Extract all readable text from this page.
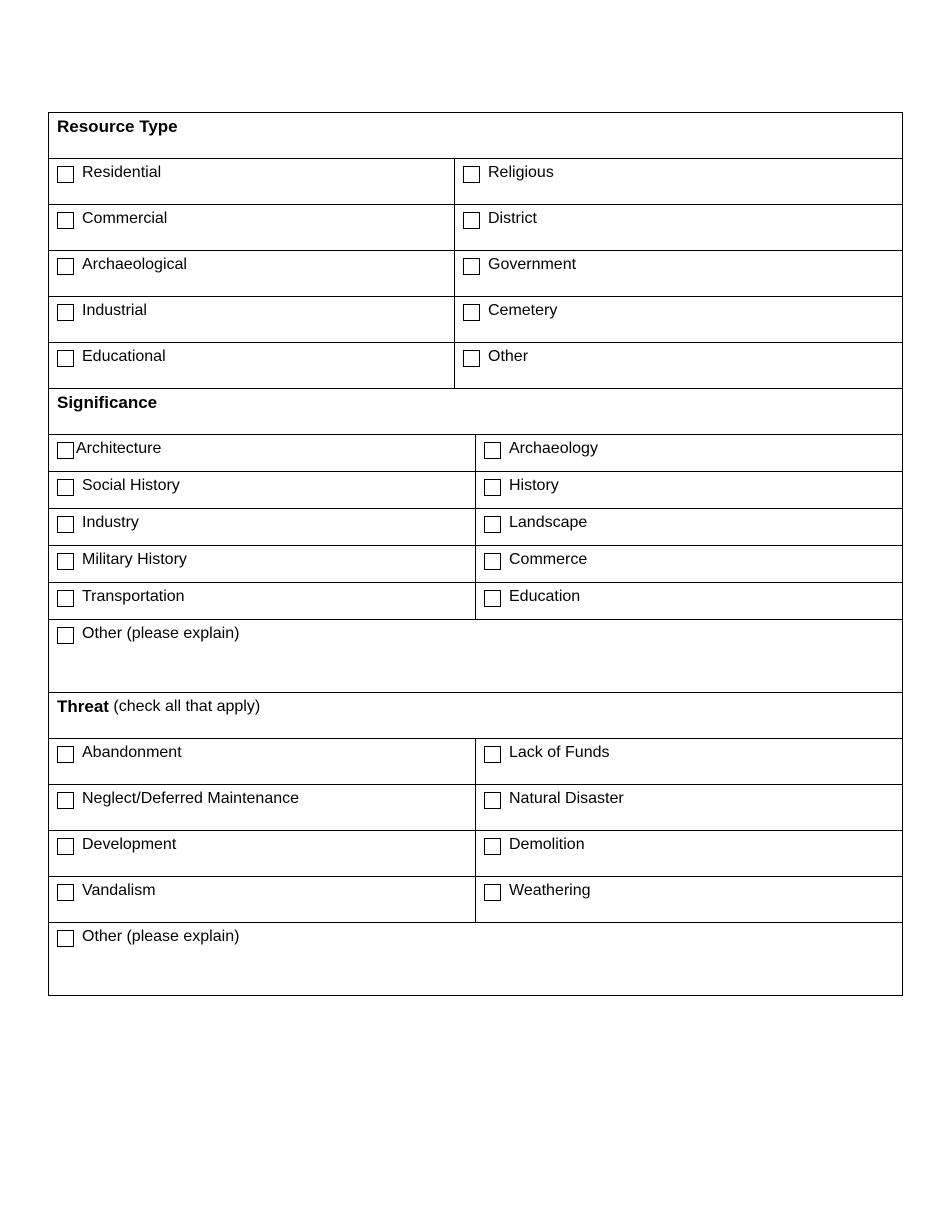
Resource Type
Residential	Religious
Commercial	District
Archaeological	Government
Industrial	Cemetery
Educational	Other
Significance
Architecture	Archaeology
Social History	History
Industry	Landscape
Military History	Commerce
Transportation	Education
Other (please explain)
Threat (check all that apply)
Abandonment	Lack of Funds
Neglect/Deferred Maintenance	Natural Disaster
Development	Demolition
Vandalism	Weathering
Other (please explain)
